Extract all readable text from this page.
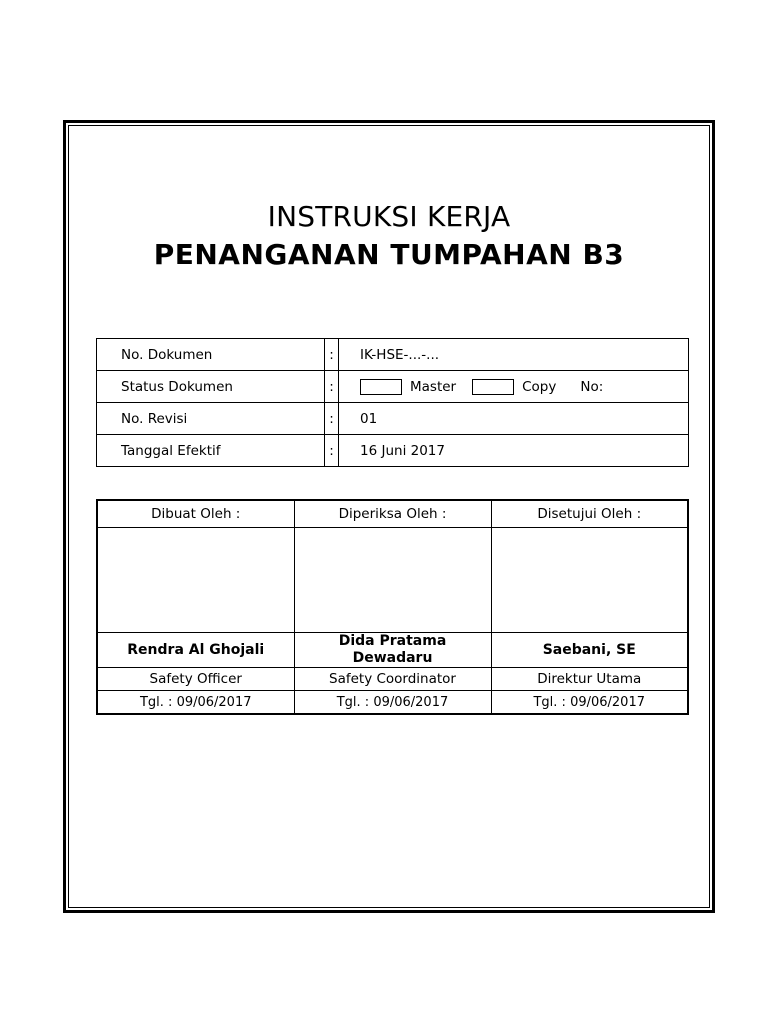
INSTRUKSI KERJA
PENANGANAN TUMPAHAN B3
No. Dokumen	:	IK-HSE-...-...
Status Dokumen	:	Master Copy No:
No. Revisi	:	01
Tanggal Efektif	:	16 Juni 2017
Dibuat Oleh :	Diperiksa Oleh :	Disetujui Oleh :

Rendra Al Ghojali	Dida Pratama Dewadaru	Saebani, SE
Safety Officer	Safety Coordinator	Direktur Utama
Tgl. : 09/06/2017	Tgl. : 09/06/2017	Tgl. : 09/06/2017
